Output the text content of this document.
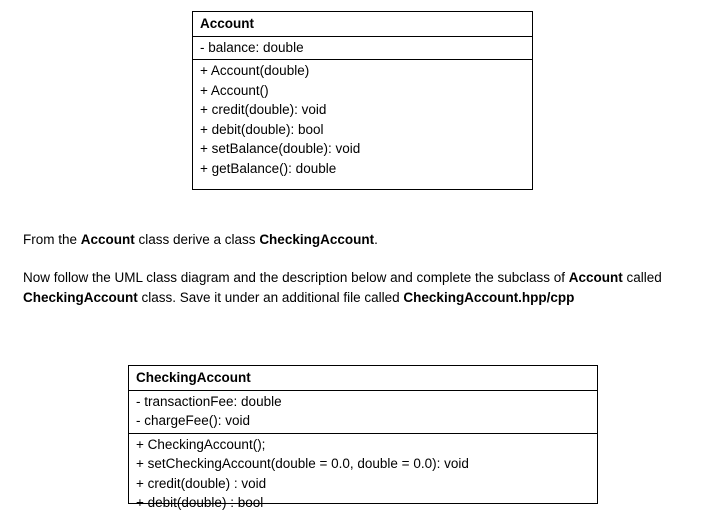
Account
- balance: double
+ Account(double)
+ Account()
+ credit(double): void
+ debit(double): bool
+ setBalance(double): void
+ getBalance(): double
From the Account class derive a class CheckingAccount.
Now follow the UML class diagram and the description below and complete the subclass of Account called CheckingAccount class. Save it under an additional file called CheckingAccount.hpp/cpp
CheckingAccount
- transactionFee: double
- chargeFee(): void
+ CheckingAccount();
+ setCheckingAccount(double = 0.0, double = 0.0): void
+ credit(double) : void
+ debit(double) : bool
